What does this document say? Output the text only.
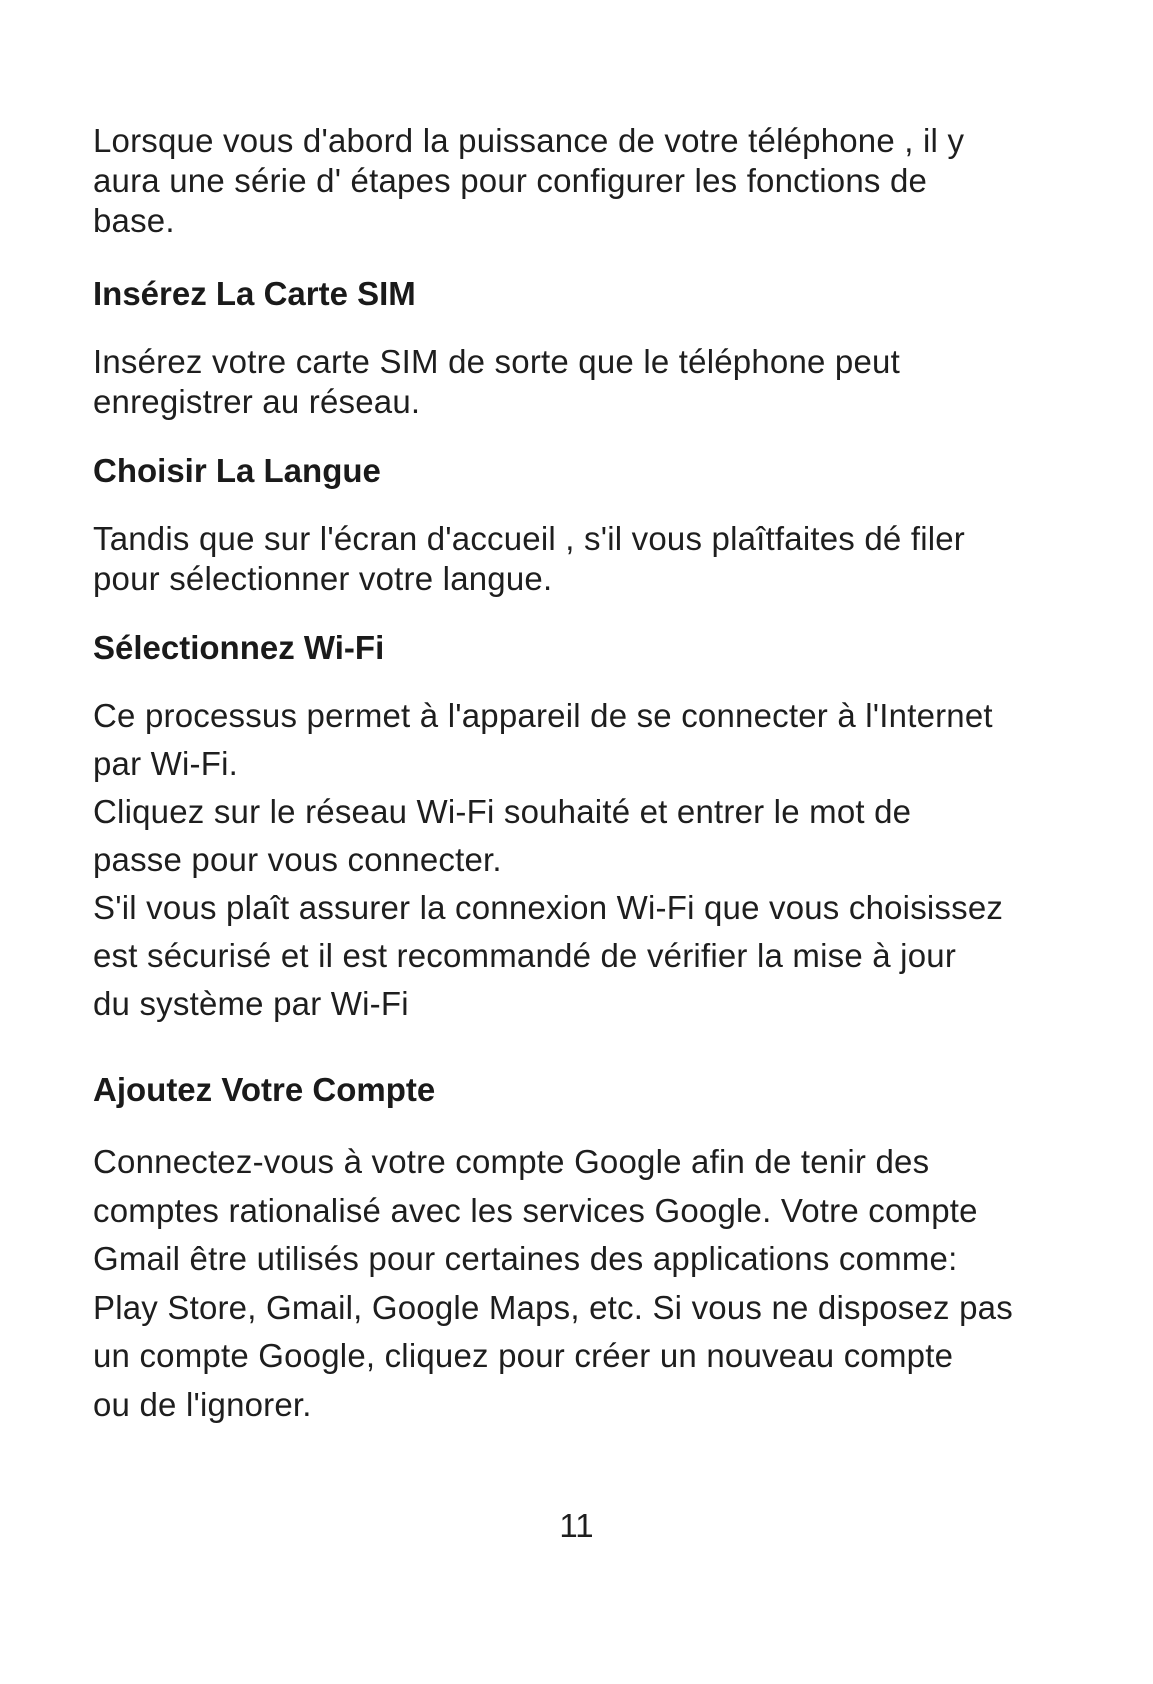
Lorsque vous d'abord la puissance de votre téléphone , il y
aura une série d' étapes pour configurer les fonctions de
base.

Insérez La Carte SIM

Insérez votre carte SIM de sorte que le téléphone peut
enregistrer au réseau.

Choisir La Langue

Tandis que sur l'écran d'accueil , s'il vous plaîtfaites dé filer
pour sélectionner votre langue.

Sélectionnez Wi-Fi

Ce processus permet à l'appareil de se connecter à l'Internet
par Wi-Fi.
Cliquez sur le réseau Wi-Fi souhaité et entrer le mot de
passe pour vous connecter.
S'il vous plaît assurer la connexion Wi-Fi que vous choisissez
est sécurisé et il est recommandé de vérifier la mise à jour
du système par Wi-Fi

Ajoutez Votre Compte

Connectez-vous à votre compte Google afin de tenir des
comptes rationalisé avec les services Google. Votre compte
Gmail être utilisés pour certaines des applications comme:
Play Store, Gmail, Google Maps, etc. Si vous ne disposez pas
un compte Google, cliquez pour créer un nouveau compte
ou de l'ignorer.

11
